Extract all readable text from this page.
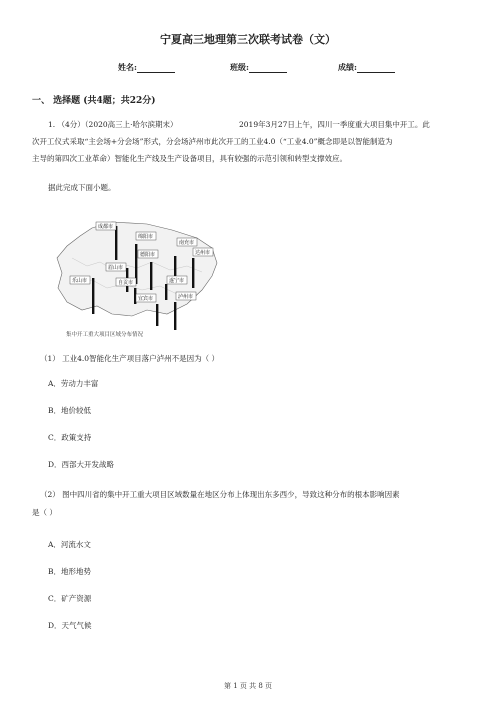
宁夏高三地理第三次联考试卷（文）
姓名:	班级:	成绩:
一、 选择题 (共4题；共22分)
1. （4分）（2020高三上·哈尔滨期末）	2019年3月27日上午，四川一季度重大项目集中开工。此
次开工仪式采取“主会场+分会场”形式，分会场泸州市此次开工的工业4.0（“工业4.0”概念即是以智能制造为
主导的第四次工业革命）智能化生产线及生产设备项目，具有较强的示范引领和转型支撑效应。
据此完成下面小题。
成都市
绵阳市
南充市
德阳市	达州市
眉山市
遂宁市
自贡市
乐山市
宜宾市	泸州市
集中开工重大项目区域分布情况
（1） 工业4.0智能化生产项目落户泸州不是因为（ ）
A．劳动力丰富
B．地价较低
C．政策支持
D．西部大开发战略
（2） 图中四川省的集中开工重大项目区域数量在地区分布上体现出东多西少，导致这种分布的根本影响因素
是（ ）
A．河流水文
B．地形地势
C．矿产资源
D．天气气候
第 1 页 共 8 页
